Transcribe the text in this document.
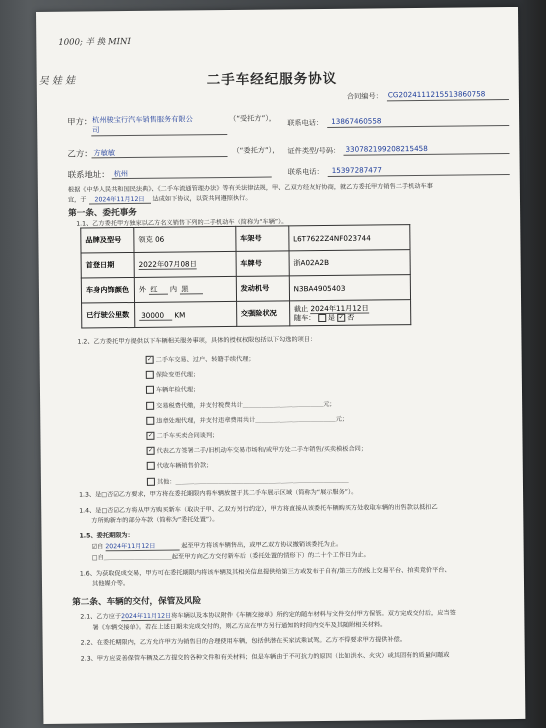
1000; 半 换 MINI
吴 娃 娃	二手车经纪服务协议
合同编号： CG20241112155138607​58
甲方： 杭州骏宝行汽车销售服务有限公
司
（“受托方”）， 联系电话： 13867460558
乙方： 方敏敏	（“委托方”）， 证件类型/号码： 33078219920821​5458
联系地址： 杭州	联系电话： 15397287477
根据《中华人民共和国民法典》、《二手车流通管理办法》等有关法律法规，甲、乙双方经友好协商，就乙方委托甲方销售二手机动车事
宜，于 2024年11月12日 达成如下协议，以资共同遵照执行。
第一条、委托事务
1.1、乙方委托甲方独家以乙方名义销售下列的二手机动车（简称为“车辆”）。
品牌及型号	领克 06	车架号	L6T7622Z4NF023744
首登日期	2022年07月08日	车牌号	浙A02A2B
车身内饰颜色	外 红 内 黑	发动机号	N3BA4905403
已行驶公里数	30000 KM	交强险状况	截止 2024年11月12日
随车： 是 ✓ 否
1.2、乙方委托甲方提供以下车辆相关服务事项，具体的授权权限包括以下勾选的项目：
✓ 二手车交易、过户、转籍手续代理；
保险变更代理；
车辆年检代理；
交易税费代缴，并支付税费共计＿＿＿＿＿＿＿＿＿＿＿＿＿元；
违章处理代理，并支付违章费用共计＿＿＿＿＿＿＿＿＿＿＿＿＿元；
✓ 二手车买卖合同谈判；
✓ 代表乙方签署二手/旧机动车交易市场和/或甲方处二手车销售/买卖模板合同；
代收车辆销售价款；
其他：＿＿＿＿＿＿＿＿＿＿＿＿＿＿＿＿＿＿＿＿＿＿＿＿＿＿＿＿
1.3、是□否☑乙方要求，甲方将在委托期限内将车辆放置于其二手车展示区域（简称为“展示服务”）。
1.4、是□否☑乙方将从甲方购买新车（取决于甲、乙双方另行约定），甲方将直接从该委托车辆购买方处收取车辆的出售款以抵扣乙
方所购新车的部分车款（简称为“委托处置”）。
1.5、委托期限为：
☑自 2024年11月12日	起至甲方将该车辆售出，或甲乙双方协议撤销该委托为止。
□自＿＿＿＿＿＿＿＿＿＿＿起至甲方向乙方交付新车后（委托处置的情形下）的二十个工作日为止。
1.6、为获取促成交易，甲方可在委托期限内将该车辆及其相关信息提供给第三方或发布于自有/第三方的线上交易平台、拍卖竞价平台、
其他媒介等。
第二条、车辆的交付，保管及风险
2.1、乙方应于2024年11月12日将车辆以及本协议附件《车辆交接单》所约定的随车材料与文件交付甲方保管。双方完成交付后，应当签
署《车辆交接单》。若在上述日期未完成交付的，则乙方应在甲方另行通知的时间内交车及其随附相关材料。
2.2、在委托期限内，乙方允许甲方为销售目的合理使用车辆，包括供潜在买家试乘试驾。乙方不得要求甲方提供补偿。
2.3、甲方应妥善保管车辆及乙方提交的各种文件和有关材料；但是车辆由于不可抗力的原因（比如洪水、火灾）或其固有的质量问题或
